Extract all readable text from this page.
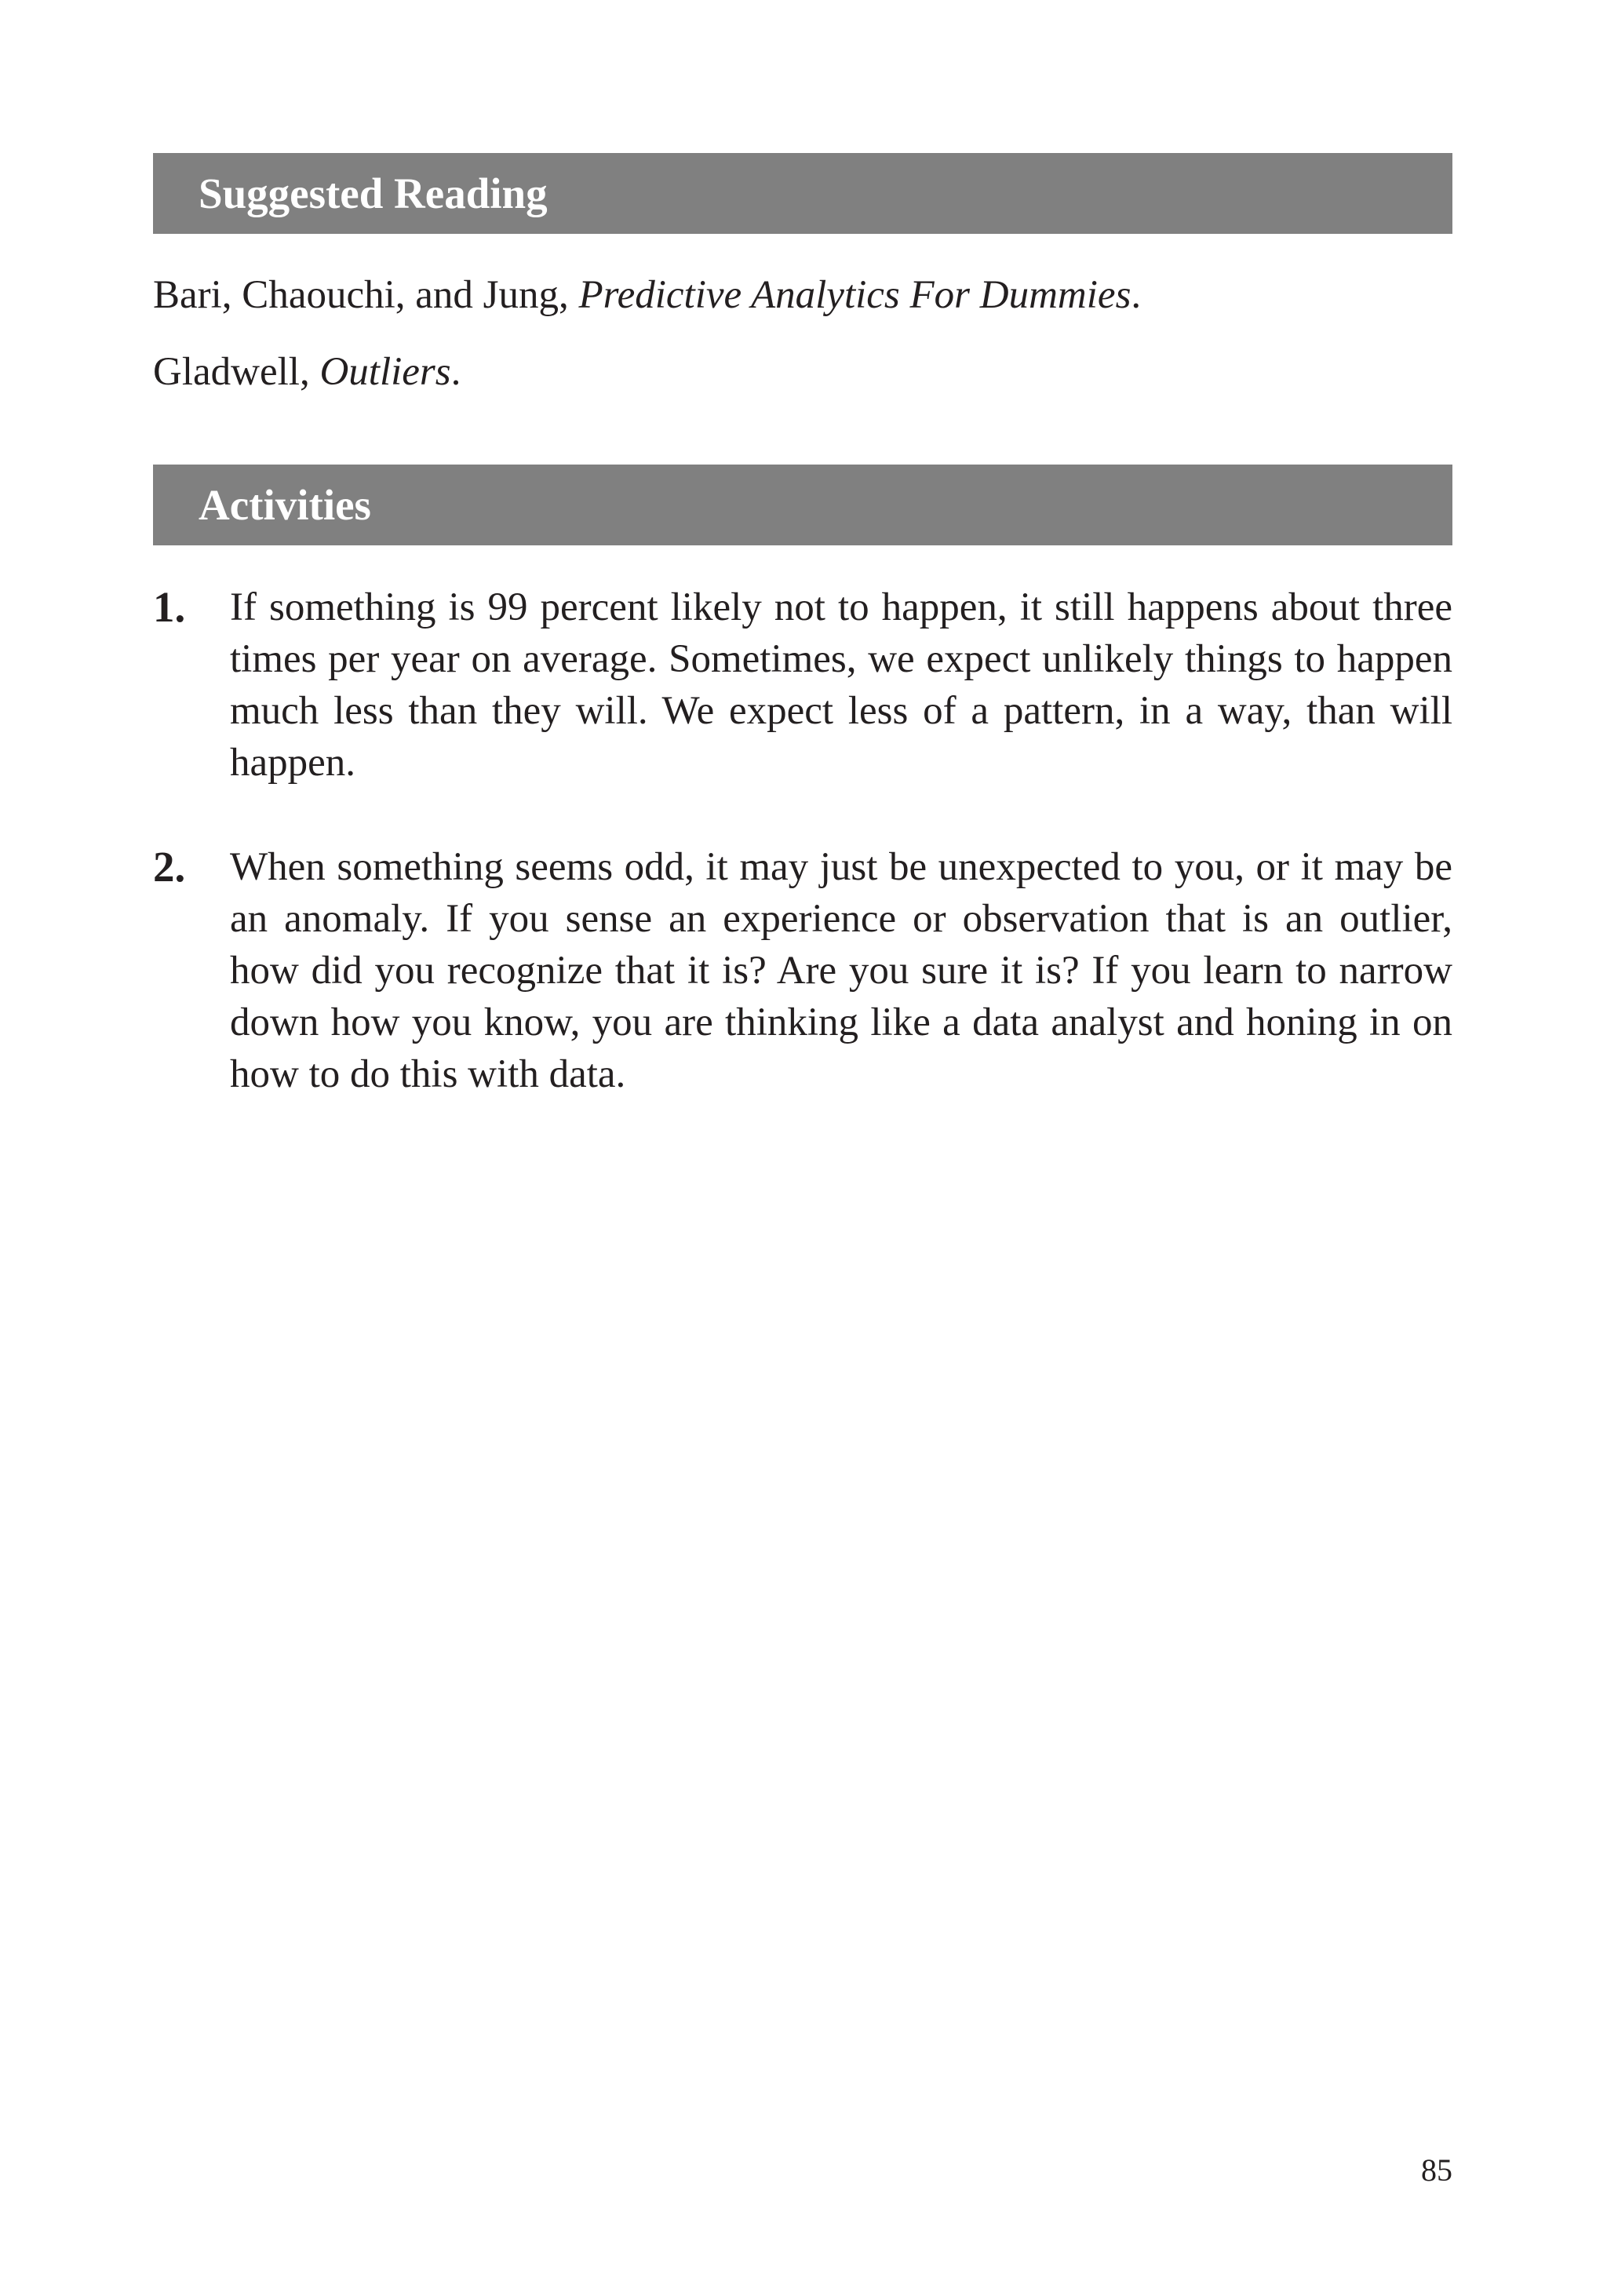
Suggested Reading
Bari, Chaouchi, and Jung, Predictive Analytics For Dummies.
Gladwell, Outliers.
Activities
1. If something is 99 percent likely not to happen, it still happens about three times per year on average. Sometimes, we expect unlikely things to happen much less than they will. We expect less of a pattern, in a way, than will happen.
2. When something seems odd, it may just be unexpected to you, or it may be an anomaly. If you sense an experience or observation that is an outlier, how did you recognize that it is? Are you sure it is? If you learn to narrow down how you know, you are thinking like a data analyst and honing in on how to do this with data.
85
